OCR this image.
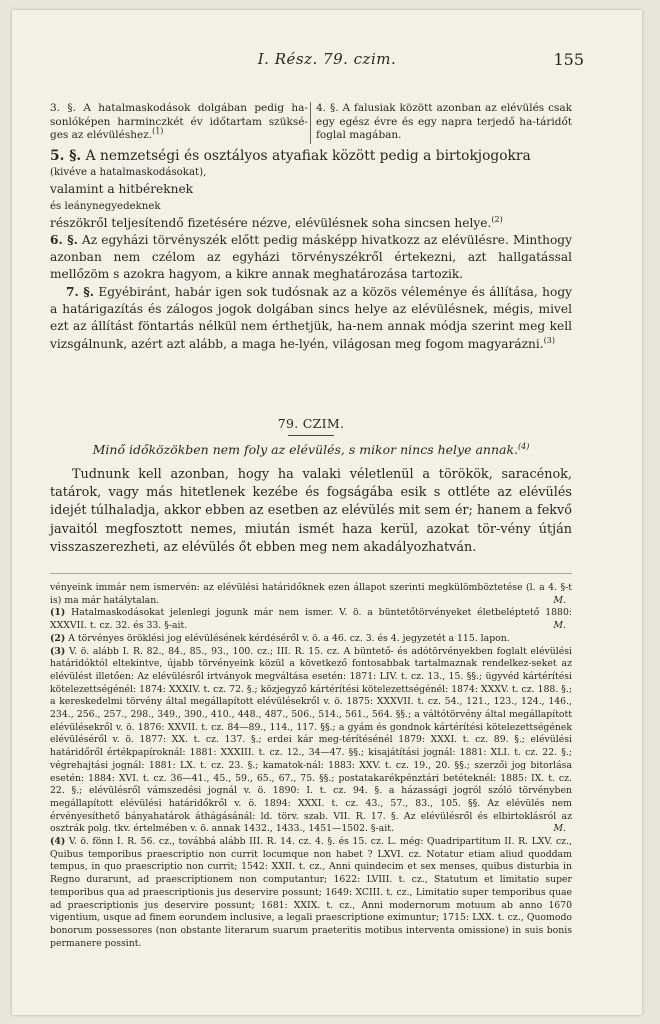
I. Rész. 79. czim.	155
3. §. A hatalmaskodások dolgában pedig ha-sonlóképen harminczkét év időtartam szüksé-ges az elévüléshez.$^{(1)}$
4. §. A falusiak között azonban az elévülés csak egy egész évre és egy napra terjedő ha-táridőt foglal magában.

5. §. A nemzetségi és osztályos atyafiak között pedig a birtokjogokra

(kivéve a hatalmaskodásokat),

valamint a hitbéreknek

és leánynegyedeknek

részökről teljesítendő fizetésére nézve, elévülésnek soha sincsen helye.$^{(2)}$

6. §. Az egyházi törvényszék előtt pedig másképp hivatkozz az elévülésre. Minthogy azonban nem czélom az egyházi törvényszékről értekezni, azt hallgatással mellőzöm s azokra hagyom, a kikre annak meghatározása tartozik.

7. §. Egyébiránt, habár igen sok tudósnak az a közös véleménye és állítása, hogy a határigazítás és zálogos jogok dolgában sincs helye az elévülésnek, mégis, mivel ezt az állítást föntartás nélkül nem érthetjük, ha-nem annak módja szerint meg kell vizsgálnunk, azért azt alább, a maga he-lyén, világosan meg fogom magyarázni.$^{(3)}$

79. CZIM.
Minő időközökben nem foly az elévülés, s mikor nincs helye annak.$^{(4)}$

Tudnunk kell azonban, hogy ha valaki véletlenül a törökök, saracénok, tatárok, vagy más hitetlenek kezébe és fogságába esik s ottléte az elévülés idejét túlhaladja, akkor ebben az esetben az elévülés mit sem ér; hanem a fekvő javaitól megfosztott nemes, miután ismét haza kerül, azokat tör-vény útján visszaszerezheti, az elévülés őt ebben meg nem akadályozhatván.

vényeink immár nem ismervén: az elévülési határidőknek ezen állapot szerinti megkülömböztetése (l. a 4. §-t is) ma már hatálytalan.	M.

(1) Hatalmaskodásokat jelenlegi jogunk már nem ismer. V. ö. a büntetőtörvényeket életbeléptető 1880: XXXVII. t. cz. 32. és 33. §-ait.	M.

(2) A törvényes öröklési jog elévülésének kérdéséről v. ö. a 46. cz. 3. és 4. jegyzetét a 115. lapon.

(3) V. ö. alább I. R. 82., 84., 85., 93., 100. cz.; III. R. 15. cz. A büntető- és adótörvényekben foglalt elévülési határidóktól eltekintve, újabb törvényeink közül a következő fontosabbak tartalmaznak rendelkez-seket az elévülést illetően: Az elévülésről irtványok megváltása esetén: 1871: LIV. t. cz. 13., 15. §§.; ügyvéd kártérítési kötelezettségénél: 1874: XXXIV. t. cz. 72. §.; közjegyző kártérítési kötelezettségénél: 1874: XXXV. t. cz. 188. §.; a kereskedelmi törvény által megállapított elévülésekről v. ö. 1875: XXXVII. t. cz. 54., 121., 123., 124., 146., 234., 256., 257., 298., 349., 390., 410., 448., 487., 506., 514., 561., 564. §§.; a váltótörvény által megállapított elévülésekről v. ö. 1876: XXVII. t. cz. 84—89., 114., 117. §§.; a gyám és gondnok kártérítési kötelezettségének elévüléséről v. ö. 1877: XX. t. cz. 137. §.; erdei kár meg-térítésénél 1879: XXXI. t. cz. 89. §.; elévülési határidőről értékpapíroknál: 1881: XXXIII. t. cz. 12., 34—47. §§.; kisajátítási jognál: 1881: XLI. t. cz. 22. §.; végrehajtási jognál: 1881: LX. t. cz. 23. §.; kamatok-nál: 1883: XXV. t. cz. 19., 20. §§.; szerzői jog bitorlása esetén: 1884: XVI. t. cz. 36—41., 45., 59., 65., 67., 75. §§.; postatakarékpénztári betéteknél: 1885: IX. t. cz. 22. §.; elévülésről vámszedési jognál v. ö. 1890: I. t. cz. 94. §. a házassági jogról szóló törvényben megállapított elévülési határidőkről v. ö. 1894: XXXI. t. cz. 43., 57., 83., 105. §§. Az elévülés nem érvényesíthető bányahatárok áthágásánál: ld. törv. szab. VII. R. 17. §. Az elévülésről és elbirtoklásról az osztrák polg. tkv. értelmében v. ö. annak 1432., 1433., 1451—1502. §-ait.	M.

(4) V. ö. fönn I. R. 56. cz., továbbá alább III. R. 14. cz. 4. §. és 15. cz. L. még: Quadripartitum II. R. LXV. cz., Quibus temporibus praescriptio non currit locumque non habet ? LXVI. cz. Notatur etiam aliud quoddam tempus, in quo praescriptio non currit; 1542: XXII. t. cz., Anni quindecim et sex menses, quibus disturbia in Regno durarunt, ad praescriptionem non computantur; 1622: LVIII. t. cz., Statutum et limitatio super temporibus qua ad praescriptionis jus deservire possunt; 1649: XCIII. t. cz., Limitatio super temporibus quae ad praescriptionis jus deservire possunt; 1681: XXIX. t. cz., Anni modernorum motuum ab anno 1670 vigentium, usque ad finem eorundem inclusive, a legali praescriptione eximuntur; 1715: LXX. t. cz., Quomodo bonorum possessores (non obstante literarum suarum praeteritis motibus interventa omissione) in suis bonis permanere possint.
